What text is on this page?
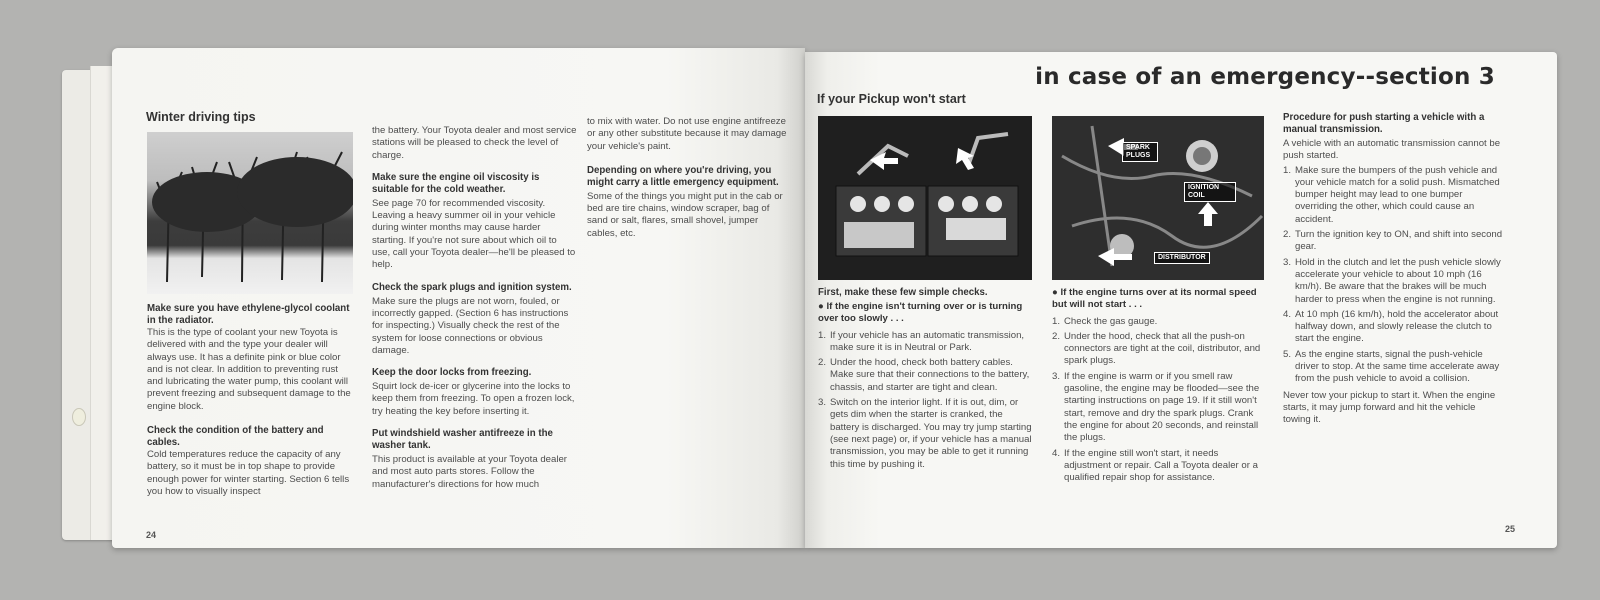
Winter driving tips

Make sure you have ethylene-glycol coolant in the radiator.

This is the type of coolant your new Toyota is delivered with and the type your dealer will always use. It has a definite pink or blue color and is not clear. In addition to preventing rust and lubricating the water pump, this coolant will prevent freezing and subsequent damage to the engine block.

Check the condition of the battery and cables.

Cold temperatures reduce the capacity of any battery, so it must be in top shape to provide enough power for winter starting. Section 6 tells you how to visually inspect

the battery. Your Toyota dealer and most service stations will be pleased to check the level of charge.

Make sure the engine oil viscosity is suitable for the cold weather.

See page 70 for recommended viscosity. Leaving a heavy summer oil in your vehicle during winter months may cause harder starting. If you're not sure about which oil to use, call your Toyota dealer—he'll be pleased to help.

Check the spark plugs and ignition system.

Make sure the plugs are not worn, fouled, or incorrectly gapped. (Section 6 has instructions for inspecting.) Visually check the rest of the system for loose connections or obvious damage.

Keep the door locks from freezing.

Squirt lock de-icer or glycerine into the locks to keep them from freezing. To open a frozen lock, try heating the key before inserting it.

Put windshield washer antifreeze in the washer tank.

This product is available at your Toyota dealer and most auto parts stores. Follow the manufacturer's directions for how much

to mix with water. Do not use engine antifreeze or any other substitute because it may damage your vehicle's paint.

Depending on where you're driving, you might carry a little emergency equipment.

Some of the things you might put in the cab or bed are tire chains, window scraper, bag of sand or salt, flares, small shovel, jumper cables, etc.

24
in case of an emergency--section 3
If your Pickup won't start
SPARK PLUGS
IGNITION COIL
DISTRIBUTOR

First, make these few simple checks.

● If the engine isn't turning over or is turning over too slowly . . .

1. If your vehicle has an automatic transmission, make sure it is in Neutral or Park.
2. Under the hood, check both battery cables. Make sure that their connections to the battery, chassis, and starter are tight and clean.
3. Switch on the interior light. If it is out, dim, or gets dim when the starter is cranked, the battery is discharged. You may try jump starting (see next page) or, if your vehicle has a manual transmission, you may be able to get it running this time by pushing it.

● If the engine turns over at its normal speed but will not start . . .

1. Check the gas gauge.
2. Under the hood, check that all the push-on connectors are tight at the coil, distributor, and spark plugs.
3. If the engine is warm or if you smell raw gasoline, the engine may be flooded—see the starting instructions on page 19. If it still won't start, remove and dry the spark plugs. Crank the engine for about 20 seconds, and reinstall the plugs.
4. If the engine still won't start, it needs adjustment or repair. Call a Toyota dealer or a qualified repair shop for assistance.

Procedure for push starting a vehicle with a manual transmission.

A vehicle with an automatic transmission cannot be push started.

1. Make sure the bumpers of the push vehicle and your vehicle match for a solid push. Mismatched bumper height may lead to one bumper overriding the other, which could cause an accident.
2. Turn the ignition key to ON, and shift into second gear.
3. Hold in the clutch and let the push vehicle slowly accelerate your vehicle to about 10 mph (16 km/h). Be aware that the brakes will be much harder to press when the engine is not running.
4. At 10 mph (16 km/h), hold the accelerator about halfway down, and slowly release the clutch to start the engine.
5. As the engine starts, signal the push-vehicle driver to stop. At the same time accelerate away from the push vehicle to avoid a collision.

Never tow your pickup to start it. When the engine starts, it may jump forward and hit the vehicle towing it.

25
